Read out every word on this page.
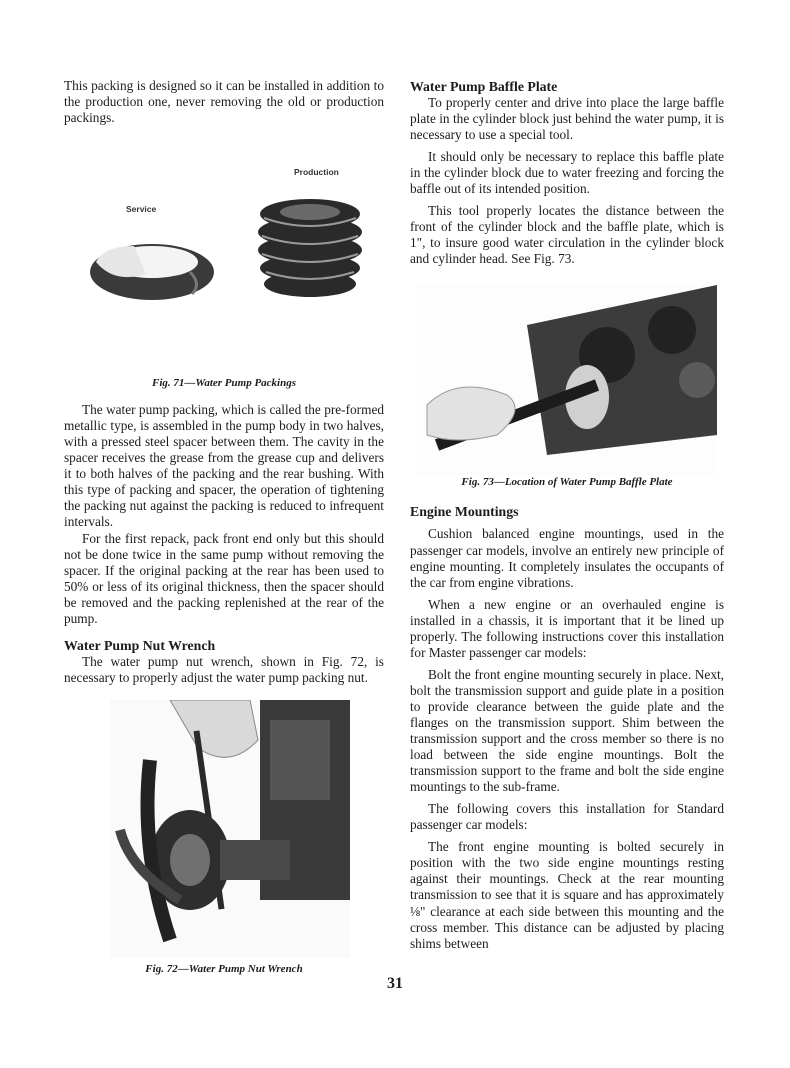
This packing is designed so it can be installed in addition to the production one, never removing the old or production packings.

Production
Service

Fig. 71—Water Pump Packings

The water pump packing, which is called the pre-formed metallic type, is assembled in the pump body in two halves, with a pressed steel spacer between them. The cavity in the spacer receives the grease from the grease cup and delivers it to both halves of the packing and the rear bushing. With this type of packing and spacer, the operation of tightening the packing nut against the packing is reduced to infrequent intervals.

For the first repack, pack front end only but this should not be done twice in the same pump without removing the spacer. If the original packing at the rear has been used to 50% or less of its original thickness, then the spacer should be removed and the packing replenished at the rear of the pump.

Water Pump Nut Wrench

The water pump nut wrench, shown in Fig. 72, is necessary to properly adjust the water pump packing nut.

Fig. 72—Water Pump Nut Wrench

Water Pump Baffle Plate

To properly center and drive into place the large baffle plate in the cylinder block just behind the water pump, it is necessary to use a special tool.

It should only be necessary to replace this baffle plate in the cylinder block due to water freezing and forcing the baffle out of its intended position.

This tool properly locates the distance between the front of the cylinder block and the baffle plate, which is 1", to insure good water circulation in the cylinder block and cylinder head. See Fig. 73.

Fig. 73—Location of Water Pump Baffle Plate

Engine Mountings

Cushion balanced engine mountings, used in the passenger car models, involve an entirely new principle of engine mounting. It completely insulates the occupants of the car from engine vibrations.

When a new engine or an overhauled engine is installed in a chassis, it is important that it be lined up properly. The following instructions cover this installation for Master passenger car models:

Bolt the front engine mounting securely in place. Next, bolt the transmission support and guide plate in a position to provide clearance between the guide plate and the flanges on the transmission support. Shim between the transmission support and the cross member so there is no load between the side engine mountings. Bolt the transmission support to the frame and bolt the side engine mountings to the sub-frame.

The following covers this installation for Standard passenger car models:

The front engine mounting is bolted securely in position with the two side engine mountings resting against their mountings. Check at the rear mounting transmission to see that it is square and has approximately ⅛" clearance at each side between this mounting and the cross member. This distance can be adjusted by placing shims between

31
